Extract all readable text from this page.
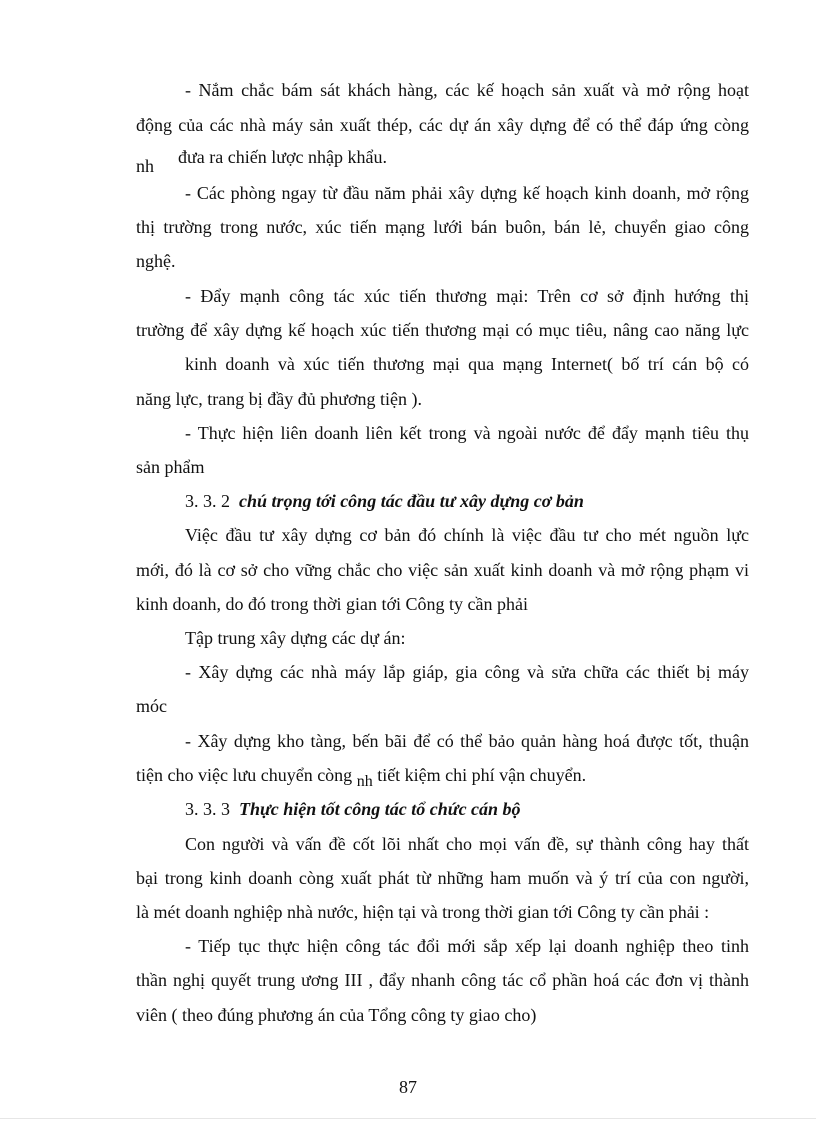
- Nắm chắc bám sát khách hàng, các kế hoạch sản xuất và mở rộng hoạt
động của các nhà máy sản xuất thép, các dự án xây dựng để có thể đáp ứng còng
nh đưa ra chiến lược nhập khẩu.
- Các phòng ngay từ đầu năm phải xây dựng kế hoạch kinh doanh, mở rộng
thị trường trong nước, xúc tiến mạng lưới bán buôn, bán lẻ, chuyển giao công
nghệ.
- Đẩy mạnh công tác xúc tiến thương mại: Trên cơ sở định hướng thị
trường để xây dựng kế hoạch xúc tiến thương mại có mục tiêu, nâng cao năng lực
kinh doanh và xúc tiến thương mại qua mạng Internet( bố trí cán bộ có
năng lực, trang bị đầy đủ phương tiện ).
- Thực hiện liên doanh liên kết trong và ngoài nước để đẩy mạnh tiêu thụ
sản phẩm
3. 3. 2 chú trọng tới công tác đầu tư xây dựng cơ bản
Việc đầu tư xây dựng cơ bản đó chính là việc đầu tư cho mét nguồn lực
mới, đó là cơ sở cho vững chắc cho việc sản xuất kinh doanh và mở rộng phạm vi
kinh doanh, do đó trong thời gian tới Công ty cần phải
Tập trung xây dựng các dự án:
- Xây dựng các nhà máy lắp giáp, gia công và sửa chữa các thiết bị máy
móc
- Xây dựng kho tàng, bến bãi để có thể bảo quản hàng hoá được tốt, thuận
tiện cho việc lưu chuyển còng nh tiết kiệm chi phí vận chuyển.
3. 3. 3 Thực hiện tốt công tác tổ chức cán bộ
Con người và vấn đề cốt lõi nhất cho mọi vấn đề, sự thành công hay thất
bại trong kinh doanh còng xuất phát từ những ham muốn và ý trí của con người,
là mét doanh nghiệp nhà nước, hiện tại và trong thời gian tới Công ty cần phải :
- Tiếp tục thực hiện công tác đổi mới sắp xếp lại doanh nghiệp theo tinh
thần nghị quyết trung ương III , đẩy nhanh công tác cổ phần hoá các đơn vị thành
viên ( theo đúng phương án của Tổng công ty giao cho)
87
